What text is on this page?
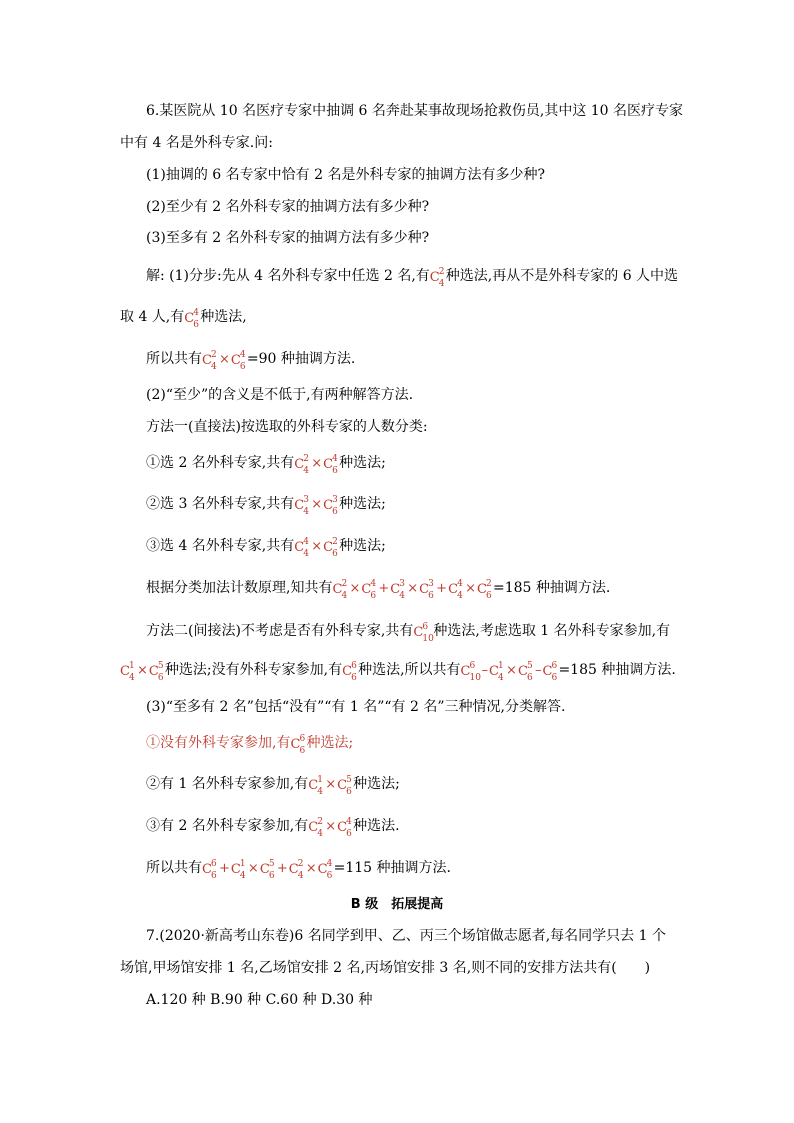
6.某医院从 10 名医疗专家中抽调 6 名奔赴某事故现场抢救伤员,其中这 10 名医疗专家
中有 4 名是外科专家.问:
(1)抽调的 6 名专家中恰有 2 名是外科专家的抽调方法有多少种?
(2)至少有 2 名外科专家的抽调方法有多少种?
(3)至多有 2 名外科专家的抽调方法有多少种?
解: (1)分步:先从 4 名外科专家中任选 2 名,有 C 2
4 种选法,再从不是外科专家的 6 人中选
取 4 人,有 C 4
6 种选法,
所以共有 C 2
4 × C 4
6 =90 种抽调方法.
(2)“至少”的含义是不低于,有两种解答方法.
方法一(直接法)按选取的外科专家的人数分类:
①选 2 名外科专家,共有 C 2
4 × C 4
6 种选法;
②选 3 名外科专家,共有 C 3
4 × C 3
6 种选法;
③选 4 名外科专家,共有 C 4
4 × C 2
6 种选法;
根据分类加法计数原理,知共有 C 2
4 × C 4
6 + C 3
4 × C 3
6 + C 4
4 × C 2
6 =185 种抽调方法.
方法二(间接法)不考虑是否有外科专家,共有 C 6
10 种选法,考虑选取 1 名外科专家参加,有
C 1
4 × C 5
6 种选法;没有外科专家参加,有 C 6
6 种选法,所以共有 C 6
10 – C 1
4 × C 5
6 – C 6
6 =185 种抽调方法.
(3)“至多有 2 名”包括“没有”“有 1 名”“有 2 名”三种情况,分类解答.
①没有外科专家参加,有 C 6
6 种选法;
②有 1 名外科专家参加,有 C 1
4 × C 5
6 种选法;
③有 2 名外科专家参加,有 C 2
4 × C 4
6 种选法.
所以共有 C 6
6 + C 1
4 × C 5
6 + C 2
4 × C 4
6 =115 种抽调方法.
B 级　拓展提高
7.(2020·新高考山东卷)6 名同学到甲、乙、丙三个场馆做志愿者,每名同学只去 1 个
场馆,甲场馆安排 1 名,乙场馆安排 2 名,丙场馆安排 3 名,则不同的安排方法共有(　　)
A.120 种 B.90 种 C.60 种 D.30 种
